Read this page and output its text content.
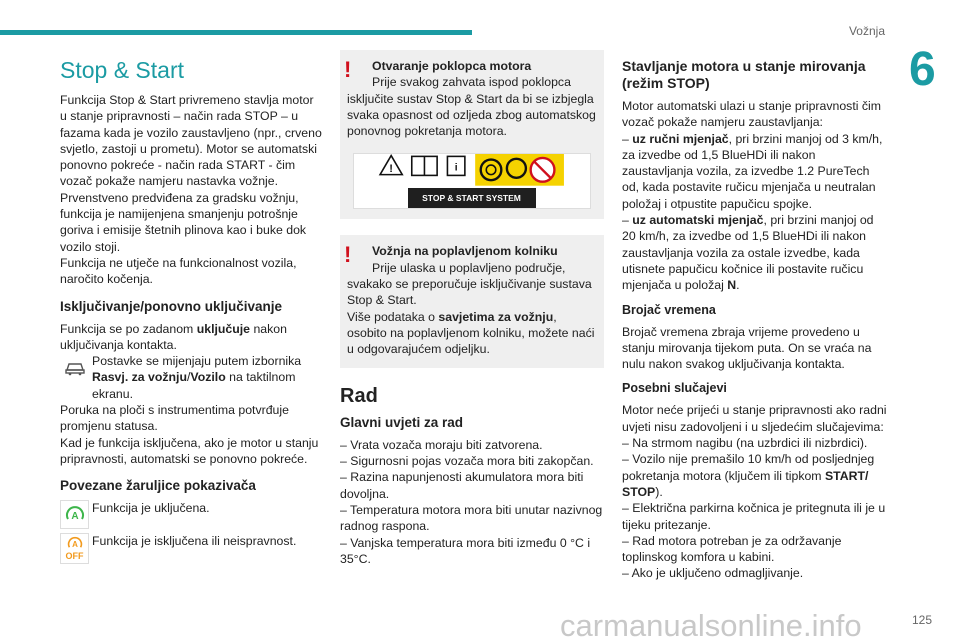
Vožnja
6
Stop & Start

Funkcija Stop & Start privremeno stavlja motor u stanje pripravnosti – način rada STOP – u fazama kada je vozilo zaustavljeno (npr., crveno svjetlo, zastoji u prometu). Motor se automatski ponovno pokreće - način rada START - čim vozač pokaže namjeru nastavka vožnje.

Prvenstveno predviđena za gradsku vožnju, funkcija je namijenjena smanjenju potrošnje goriva i emisije štetnih plinova kao i buke dok vozilo stoji.

Funkcija ne utječe na funkcionalnost vozila, naročito kočenja.

Isključivanje/ponovno uključivanje

Funkcija se po zadanom uključuje nakon uključivanja kontakta.

Postavke se mijenjaju putem izbornika Rasvj. za vožnju/Vozilo na taktilnom ekranu.

Poruka na ploči s instrumentima potvrđuje promjenu statusa.

Kad je funkcija isključena, ako je motor u stanju pripravnosti, automatski se ponovno pokreće.

Povezane žaruljice pokazivača
A

Funkcija je uključena.

A
OFF

Funkcija je isključena ili neispravnost.

!	Otvaranje poklopca motora
Prije svakog zahvata ispod poklopca
isključite sustav Stop & Start da bi se izbjegla svaka opasnost od ozljeda zbog automatskog ponovnog pokretanja motora.
!	i
STOP & START SYSTEM
!	Vožnja na poplavljenom kolniku
Prije ulaska u poplavljeno područje,
svakako se preporučuje isključivanje sustava Stop & Start.
Više podataka o savjetima za vožnju, osobito na poplavljenom kolniku, možete naći u odgovarajućem odjeljku.
Rad
Glavni uvjeti za rad

– Vrata vozača moraju biti zatvorena.

– Sigurnosni pojas vozača mora biti zakopčan.

– Razina napunjenosti akumulatora mora biti dovoljna.

– Temperatura motora mora biti unutar nazivnog radnog raspona.

– Vanjska temperatura mora biti između 0 °C i 35°C.

Stavljanje motora u stanje mirovanja (režim STOP)

Motor automatski ulazi u stanje pripravnosti čim vozač pokaže namjeru zaustavljanja:

– uz ručni mjenjač, pri brzini manjoj od 3 km/h, za izvedbe od 1,5 BlueHDi ili nakon zaustavljanja vozila, za izvedbe 1.2 PureTech od, kada postavite ručicu mjenjača u neutralan položaj i otpustite papučicu spojke.

– uz automatski mjenjač, pri brzini manjoj od 20 km/h, za izvedbe od 1,5 BlueHDi ili nakon zaustavljanja vozila za ostale izvedbe, kada utisnete papučicu kočnice ili postavite ručicu mjenjača u položaj N.

Brojač vremena

Brojač vremena zbraja vrijeme provedeno u stanju mirovanja tijekom puta. On se vraća na nulu nakon svakog uključivanja kontakta.

Posebni slučajevi

Motor neće prijeći u stanje pripravnosti ako radni uvjeti nisu zadovoljeni i u sljedećim slučajevima:

– Na strmom nagibu (na uzbrdici ili nizbrdici).

– Vozilo nije premašilo 10 km/h od posljednjeg pokretanja motora (ključem ili tipkom START/ STOP).

– Električna parkirna kočnica je pritegnuta ili je u tijeku pritezanje.

– Rad motora potreban je za održavanje toplinskog komfora u kabini.

– Ako je uključeno odmagljivanje.

carmanualsonline.info	125
